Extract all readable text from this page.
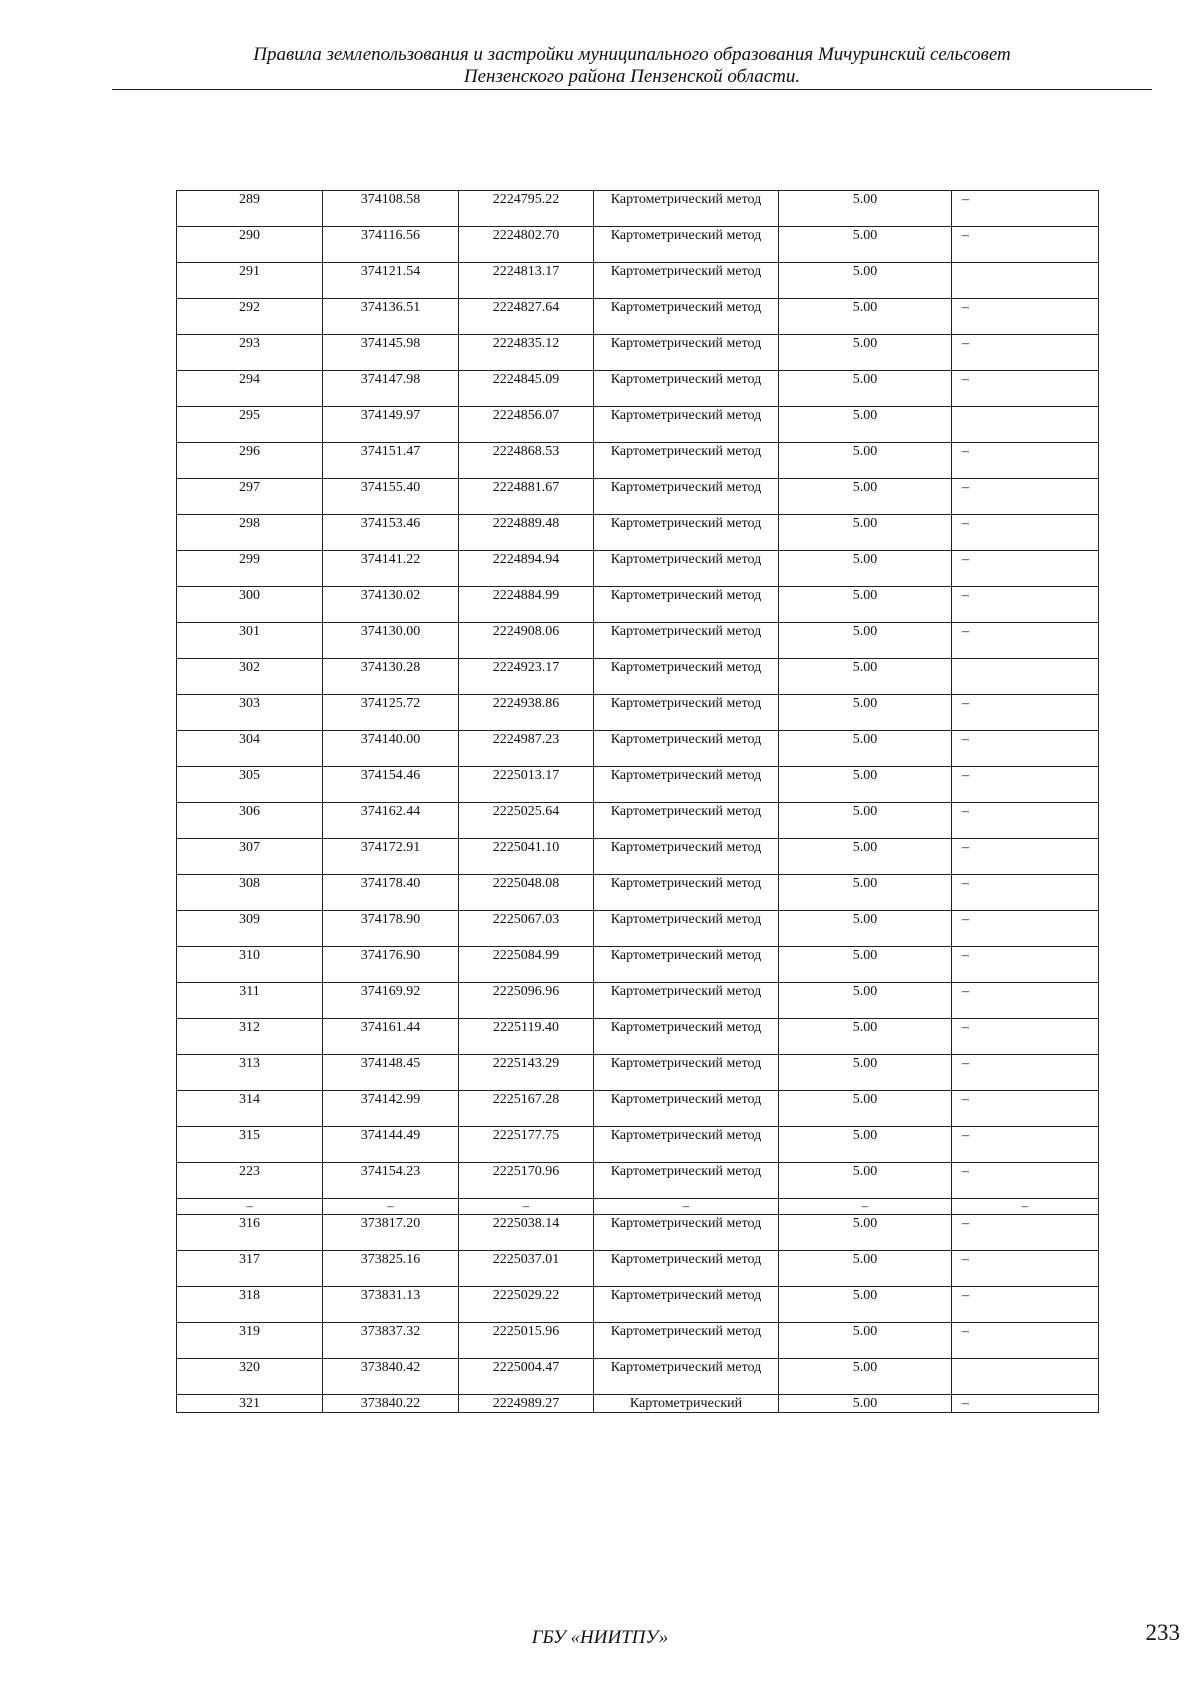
Правила землепользования и застройки муниципального образования Мичуринский сельсовет
Пензенского района Пензенской области.
289	374108.58	2224795.22	Картометрический метод	5.00	–
290	374116.56	2224802.70	Картометрический метод	5.00	–
291	374121.54	2224813.17	Картометрический метод	5.00	
292	374136.51	2224827.64	Картометрический метод	5.00	–
293	374145.98	2224835.12	Картометрический метод	5.00	–
294	374147.98	2224845.09	Картометрический метод	5.00	–
295	374149.97	2224856.07	Картометрический метод	5.00	
296	374151.47	2224868.53	Картометрический метод	5.00	–
297	374155.40	2224881.67	Картометрический метод	5.00	–
298	374153.46	2224889.48	Картометрический метод	5.00	–
299	374141.22	2224894.94	Картометрический метод	5.00	–
300	374130.02	2224884.99	Картометрический метод	5.00	–
301	374130.00	2224908.06	Картометрический метод	5.00	–
302	374130.28	2224923.17	Картометрический метод	5.00	
303	374125.72	2224938.86	Картометрический метод	5.00	–
304	374140.00	2224987.23	Картометрический метод	5.00	–
305	374154.46	2225013.17	Картометрический метод	5.00	–
306	374162.44	2225025.64	Картометрический метод	5.00	–
307	374172.91	2225041.10	Картометрический метод	5.00	–
308	374178.40	2225048.08	Картометрический метод	5.00	–
309	374178.90	2225067.03	Картометрический метод	5.00	–
310	374176.90	2225084.99	Картометрический метод	5.00	–
311	374169.92	2225096.96	Картометрический метод	5.00	–
312	374161.44	2225119.40	Картометрический метод	5.00	–
313	374148.45	2225143.29	Картометрический метод	5.00	–
314	374142.99	2225167.28	Картометрический метод	5.00	–
315	374144.49	2225177.75	Картометрический метод	5.00	–
223	374154.23	2225170.96	Картометрический метод	5.00	–
–	–	–	–	–	–
316	373817.20	2225038.14	Картометрический метод	5.00	–
317	373825.16	2225037.01	Картометрический метод	5.00	–
318	373831.13	2225029.22	Картометрический метод	5.00	–
319	373837.32	2225015.96	Картометрический метод	5.00	–
320	373840.42	2225004.47	Картометрический метод	5.00	
321	373840.22	2224989.27	Картометрический	5.00	–
ГБУ «НИИТПУ»	233
